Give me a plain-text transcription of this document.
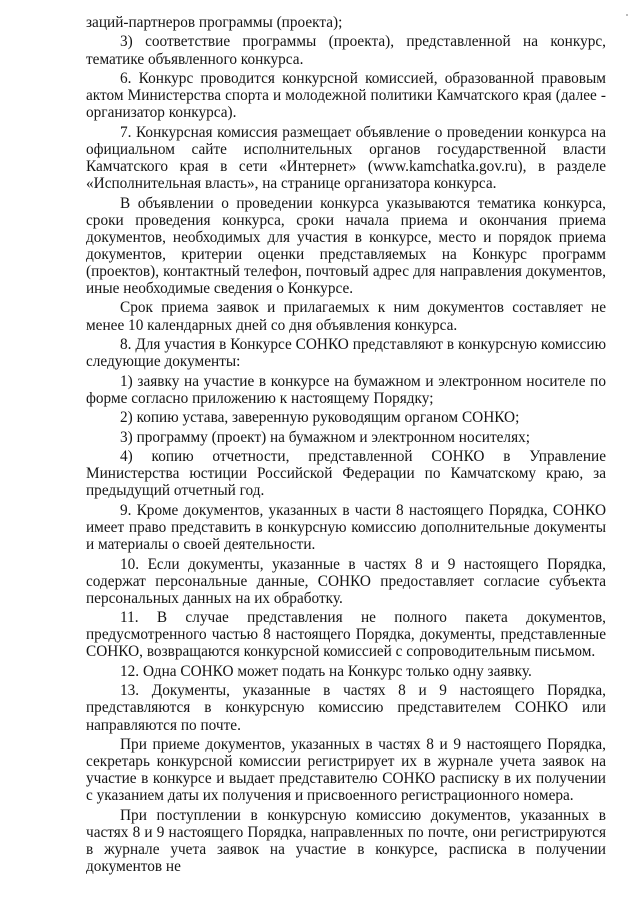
заций-партнеров программы (проекта);

3) соответствие программы (проекта), представленной на конкурс, тематике объявленного конкурса.

6. Конкурс проводится конкурсной комиссией, образованной правовым актом Министерства спорта и молодежной политики Камчатского края (далее - организатор конкурса).

7. Конкурсная комиссия размещает объявление о проведении конкурса на официальном сайте исполнительных органов государственной власти Камчатского края в сети «Интернет» (www.kamchatka.gov.ru), в разделе «Исполнительная власть», на странице организатора конкурса.

В объявлении о проведении конкурса указываются тематика конкурса, сроки проведения конкурса, сроки начала приема и окончания приема документов, необходимых для участия в конкурсе, место и порядок приема документов, критерии оценки представляемых на Конкурс программ (проектов), контактный телефон, почтовый адрес для направления документов, иные необходимые сведения о Конкурсе.

Срок приема заявок и прилагаемых к ним документов составляет не менее 10 календарных дней со дня объявления конкурса.

8. Для участия в Конкурсе СОНКО представляют в конкурсную комиссию следующие документы:

1) заявку на участие в конкурсе на бумажном и электронном носителе по форме согласно приложению к настоящему Порядку;

2) копию устава, заверенную руководящим органом СОНКО;

3) программу (проект) на бумажном и электронном носителях;

4) копию отчетности, представленной СОНКО в Управление Министерства юстиции Российской Федерации по Камчатскому краю, за предыдущий отчетный год.

9. Кроме документов, указанных в части 8 настоящего Порядка, СОНКО имеет право представить в конкурсную комиссию дополнительные документы и материалы о своей деятельности.

10. Если документы, указанные в частях 8 и 9 настоящего Порядка, содержат персональные данные, СОНКО предоставляет согласие субъекта персональных данных на их обработку.

11. В случае представления не полного пакета документов, предусмотренного частью 8 настоящего Порядка, документы, представленные СОНКО, возвращаются конкурсной комиссией с сопроводительным письмом.

12. Одна СОНКО может подать на Конкурс только одну заявку.

13. Документы, указанные в частях 8 и 9 настоящего Порядка, представляются в конкурсную комиссию представителем СОНКО или направляются по почте.

При приеме документов, указанных в частях 8 и 9 настоящего Порядка, секретарь конкурсной комиссии регистрирует их в журнале учета заявок на участие в конкурсе и выдает представителю СОНКО расписку в их получении с указанием даты их получения и присвоенного регистрационного номера.

При поступлении в конкурсную комиссию документов, указанных в частях 8 и 9 настоящего Порядка, направленных по почте, они регистрируются в журнале учета заявок на участие в конкурсе, расписка в получении документов не
